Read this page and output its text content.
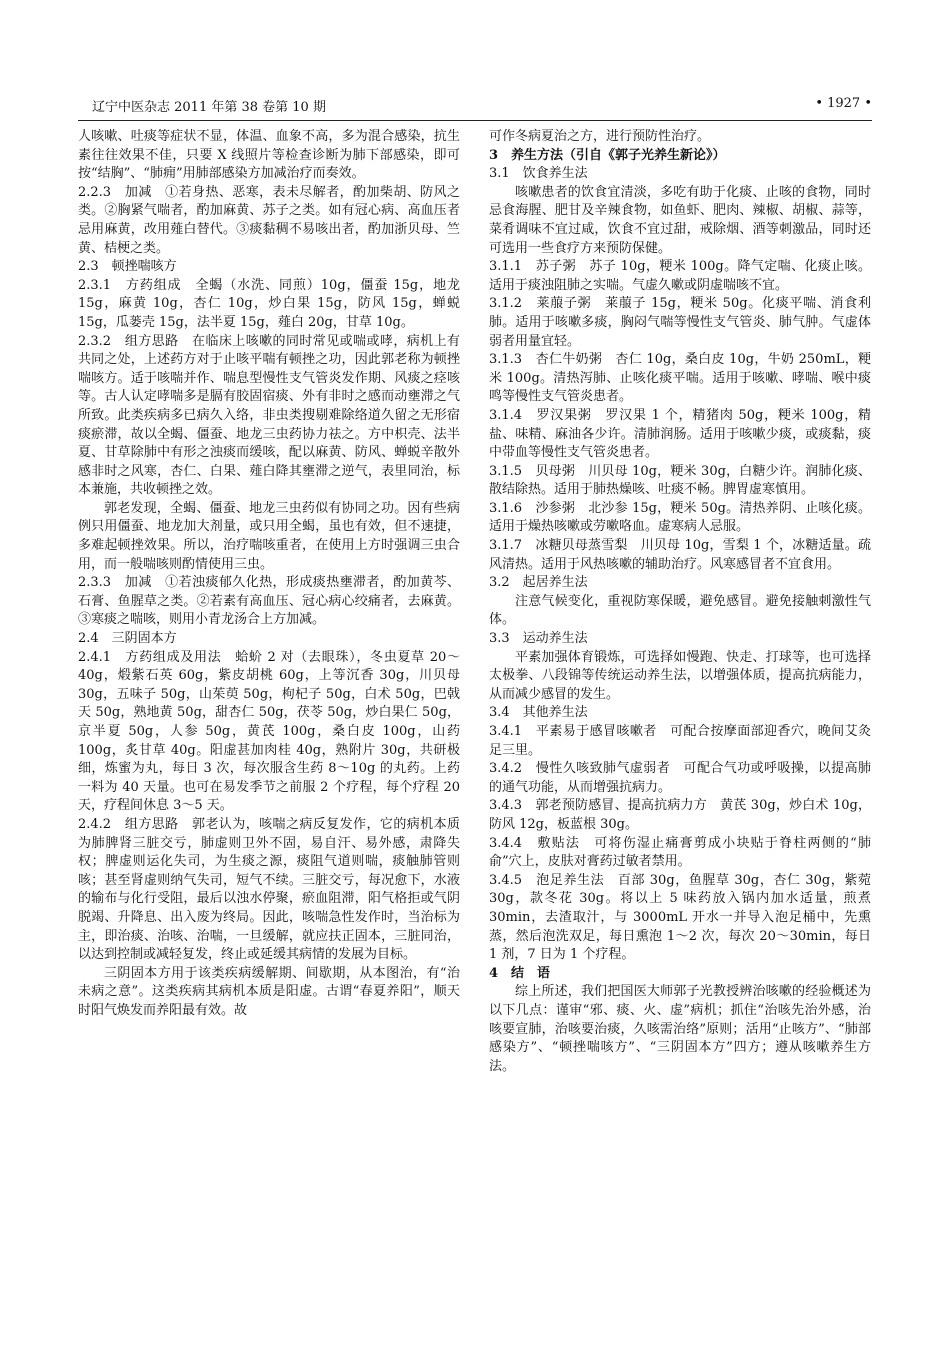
辽宁中医杂志 2011 年第 38 卷第 10 期	• 1927 •

人咳嗽、吐痰等症状不显，体温、血象不高，多为混合感染，抗生素往往效果不佳，只要 X 线照片等检查诊断为肺下部感染，即可按“结胸”、“肺痈”用肺部感染方加减治疗而奏效。

2.2.3　加减　①若身热、恶寒，表未尽解者，酌加柴胡、防风之类。②胸紧气喘者，酌加麻黄、苏子之类。如有冠心病、高血压者忌用麻黄，改用薤白替代。③痰黏稠不易咳出者，酌加浙贝母、竺黄、桔梗之类。

2.3　顿挫喘咳方

2.3.1　方药组成　全蝎（水洗、同煎）10g，僵蚕 15g，地龙 15g，麻黄 10g，杏仁 10g，炒白果 15g，防风 15g，蝉蜕 15g，瓜蒌壳 15g，法半夏 15g，薤白 20g，甘草 10g。

2.3.2　组方思路　在临床上咳嗽的同时常见或喘或哮，病机上有共同之处，上述药方对于止咳平喘有顿挫之功，因此郭老称为顿挫喘咳方。适于咳喘并作、喘息型慢性支气管炎发作期、风痰之痉咳等。古人认定哮喘多是膈有胶固宿痰、外有非时之感而动壅滞之气所致。此类疾病多已病久入络，非虫类搜剔难除络道久留之无形宿痰瘀滞，故以全蝎、僵蚕、地龙三虫药协力祛之。方中枳壳、法半夏、甘草除肺中有形之浊痰而缓咳，配以麻黄、防风、蝉蜕辛散外感非时之风寒，杏仁、白果、薤白降其壅滞之逆气，表里同治，标本兼施，共收顿挫之效。

郭老发现，全蝎、僵蚕、地龙三虫药似有协同之功。因有些病例只用僵蚕、地龙加大剂量，或只用全蝎，虽也有效，但不速捷，多难起顿挫效果。所以，治疗喘咳重者，在使用上方时强调三虫合用，而一般喘咳则酌情使用三虫。

2.3.3　加减　①若浊痰郁久化热，形成痰热壅滞者，酌加黄芩、石膏、鱼腥草之类。②若素有高血压、冠心病心绞痛者，去麻黄。③寒痰之喘咳，则用小青龙汤合上方加减。

2.4　三阴固本方

2.4.1　方药组成及用法　蛤蚧 2 对（去眼珠），冬虫夏草 20～40g，煅紫石英 60g，紫皮胡桃 60g，上等沉香 30g，川贝母 30g，五味子 50g，山茱萸 50g，枸杞子 50g，白术 50g，巴戟天 50g，熟地黄 50g，甜杏仁 50g，茯苓 50g，炒白果仁 50g，京半夏 50g，人参 50g，黄芪 100g，桑白皮 100g，山药 100g，炙甘草 40g。阳虚甚加肉桂 40g，熟附片 30g，共研极细，炼蜜为丸，每日 3 次，每次服含生药 8～10g 的丸药。上药一料为 40 天量。也可在易发季节之前服 2 个疗程，每个疗程 20 天，疗程间休息 3～5 天。

2.4.2　组方思路　郭老认为，咳喘之病反复发作，它的病机本质为肺脾肾三脏交亏，肺虚则卫外不固，易自汗、易外感，肃降失权；脾虚则运化失司，为生痰之源，痰阻气道则喘，痰触肺管则咳；甚至肾虚则纳气失司，短气不续。三脏交亏，每况愈下，水液的输布与化行受阻，最后以浊水停聚，瘀血阻滞，阳气格拒或气阴脱竭、升降息、出入废为终局。因此，咳喘急性发作时，当治标为主，即治痰、治咳、治喘，一旦缓解，就应扶正固本，三脏同治，以达到控制或减轻复发，终止或延缓其病情的发展为目标。

三阴固本方用于该类疾病缓解期、间歇期，从本图治，有“治未病之意”。这类疾病其病机本质是阳虚。古谓“春夏养阳”，顺天时阳气焕发而养阳最有效。故

可作冬病夏治之方，进行预防性治疗。

3　养生方法（引自《郭子光养生新论》）

3.1　饮食养生法

咳嗽患者的饮食宜清淡，多吃有助于化痰、止咳的食物，同时忌食海腥、肥甘及辛辣食物，如鱼虾、肥肉、辣椒、胡椒、蒜等，菜肴调味不宜过咸，饮食不宜过甜，戒除烟、酒等刺激品，同时还可选用一些食疗方来预防保健。

3.1.1　苏子粥　苏子 10g，粳米 100g。降气定喘、化痰止咳。适用于痰浊阻肺之实喘。气虚久嗽或阴虚喘咳不宜。

3.1.2　莱菔子粥　莱菔子 15g，粳米 50g。化痰平喘、消食利肺。适用于咳嗽多痰，胸闷气喘等慢性支气管炎、肺气肿。气虚体弱者用量宜轻。

3.1.3　杏仁牛奶粥　杏仁 10g，桑白皮 10g，牛奶 250mL，粳米 100g。清热泻肺、止咳化痰平喘。适用于咳嗽、哮喘、喉中痰鸣等慢性支气管炎患者。

3.1.4　罗汉果粥　罗汉果 1 个，精猪肉 50g，粳米 100g，精盐、味精、麻油各少许。清肺润肠。适用于咳嗽少痰，或痰黏，痰中带血等慢性支气管炎患者。

3.1.5　贝母粥　川贝母 10g，粳米 30g，白糖少许。润肺化痰、散结除热。适用于肺热燥咳、吐痰不畅。脾胃虚寒慎用。

3.1.6　沙参粥　北沙参 15g，粳米 50g。清热养阴、止咳化痰。适用于燥热咳嗽或劳嗽咯血。虚寒病人忌服。

3.1.7　冰糖贝母蒸雪梨　川贝母 10g，雪梨 1 个，冰糖适量。疏风清热。适用于风热咳嗽的辅助治疗。风寒感冒者不宜食用。

3.2　起居养生法

注意气候变化，重视防寒保暖，避免感冒。避免接触刺激性气体。

3.3　运动养生法

平素加强体育锻炼，可选择如慢跑、快走、打球等，也可选择太极拳、八段锦等传统运动养生法，以增强体质，提高抗病能力，从而减少感冒的发生。

3.4　其他养生法

3.4.1　平素易于感冒咳嗽者　可配合按摩面部迎香穴，晚间艾灸足三里。

3.4.2　慢性久咳致肺气虚弱者　可配合气功或呼吸操，以提高肺的通气功能，从而增强抗病力。

3.4.3　郭老预防感冒、提高抗病力方　黄芪 30g，炒白术 10g，防风 12g，板蓝根 30g。

3.4.4　敷贴法　可将伤湿止痛膏剪成小块贴于脊柱两侧的“肺俞”穴上，皮肤对膏药过敏者禁用。

3.4.5　泡足养生法　百部 30g，鱼腥草 30g，杏仁 30g，紫菀 30g，款冬花 30g。将以上 5 味药放入锅内加水适量，煎煮 30min，去渣取汁，与 3000mL 开水一并导入泡足桶中，先熏蒸，然后泡洗双足，每日熏泡 1～2 次，每次 20～30min，每日 1 剂，7 日为 1 个疗程。

4　结　语

综上所述，我们把国医大师郭子光教授辨治咳嗽的经验概述为以下几点：谨审“邪、痰、火、虚”病机；抓住“治咳先治外感，治咳要宣肺，治咳要治痰，久咳需治络”原则；活用“止咳方”、“肺部感染方”、“顿挫喘咳方”、“三阴固本方”四方；遵从咳嗽养生方法。
